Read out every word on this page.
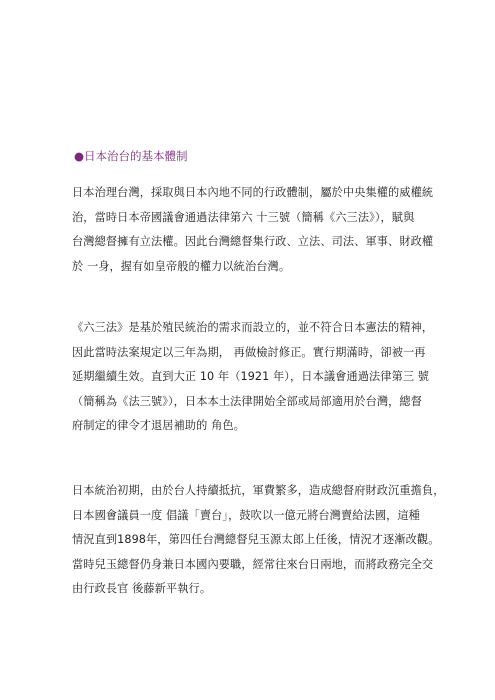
●日本治台的基本體制
日本治理台灣，採取與日本內地不同的行政體制，屬於中央集權的威權統
治，當時日本帝國議會通過法律第六 十三號（簡稱《六三法》），賦與
台灣總督擁有立法權。因此台灣總督集行政、立法、司法、軍事、財政權
於 一身，握有如皇帝般的權力以統治台灣。
《六三法》是基於殖民統治的需求而設立的，並不符合日本憲法的精神，
因此當時法案規定以三年為期， 再做檢討修正。實行期滿時，卻被一再
延期繼續生效。直到大正 10 年（1921 年），日本議會通過法律第三 號
（簡稱為《法三號》），日本本土法律開始全部或局部適用於台灣，總督
府制定的律令才退居補助的 角色。
日本統治初期，由於台人持續抵抗，軍費繁多，造成總督府財政沉重擔負，
日本國會議員一度 倡議「賣台」，鼓吹以一億元將台灣賣給法國，這種
情況直到1898年，第四任台灣總督兒玉源太郎上任後，情況才逐漸改觀。
當時兒玉總督仍身兼日本國內要職，經常往來台日兩地，而將政務完全交
由行政長官 後藤新平執行。
